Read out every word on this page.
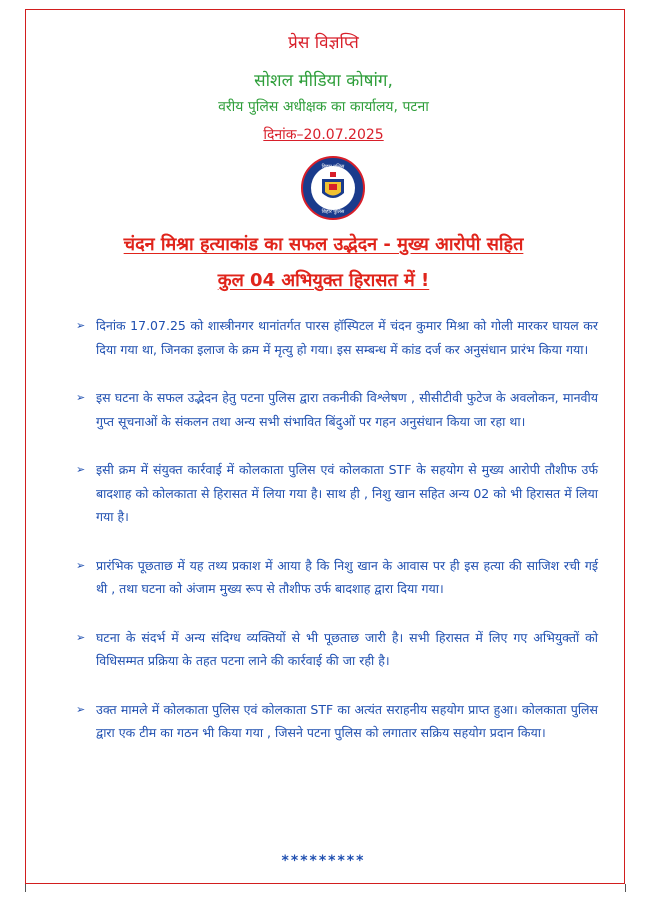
प्रेस विज्ञप्ति
सोशल मीडिया कोषांग,
वरीय पुलिस अधीक्षक का कार्यालय, पटना
दिनांक–20.07.2025
बिहार पुलिस
बिहार पुलिस
चंदन मिश्रा हत्याकांड का सफल उद्भेदन - मुख्य आरोपी सहित
कुल 04 अभियुक्त हिरासत में !
➢ दिनांक 17.07.25 को शास्त्रीनगर थानांतर्गत पारस हॉस्पिटल में चंदन कुमार मिश्रा को गोली मारकर घायल कर दिया गया था, जिनका इलाज के क्रम में मृत्यु हो गया। इस सम्बन्ध में कांड दर्ज कर अनुसंधान प्रारंभ किया गया।
➢ इस घटना के सफल उद्भेदन हेतु पटना पुलिस द्वारा तकनीकी विश्लेषण , सीसीटीवी फुटेज के अवलोकन, मानवीय गुप्त सूचनाओं के संकलन तथा अन्य सभी संभावित बिंदुओं पर गहन अनुसंधान किया जा रहा था।
➢ इसी क्रम में संयुक्त कार्रवाई में कोलकाता पुलिस एवं कोलकाता STF के सहयोग से मुख्य आरोपी तौशीफ उर्फ बादशाह को कोलकाता से हिरासत में लिया गया है। साथ ही , निशु खान सहित अन्य 02 को भी हिरासत में लिया गया है।
➢ प्रारंभिक पूछताछ में यह तथ्य प्रकाश में आया है कि निशु खान के आवास पर ही इस हत्या की साजिश रची गई थी , तथा घटना को अंजाम मुख्य रूप से तौशीफ उर्फ बादशाह द्वारा दिया गया।
➢ घटना के संदर्भ में अन्य संदिग्ध व्यक्तियों से भी पूछताछ जारी है। सभी हिरासत में लिए गए अभियुक्तों को विधिसम्मत प्रक्रिया के तहत पटना लाने की कार्रवाई की जा रही है।
➢ उक्त मामले में कोलकाता पुलिस एवं कोलकाता STF का अत्यंत सराहनीय सहयोग प्राप्त हुआ। कोलकाता पुलिस द्वारा एक टीम का गठन भी किया गया , जिसने पटना पुलिस को लगातार सक्रिय सहयोग प्रदान किया।
*********
